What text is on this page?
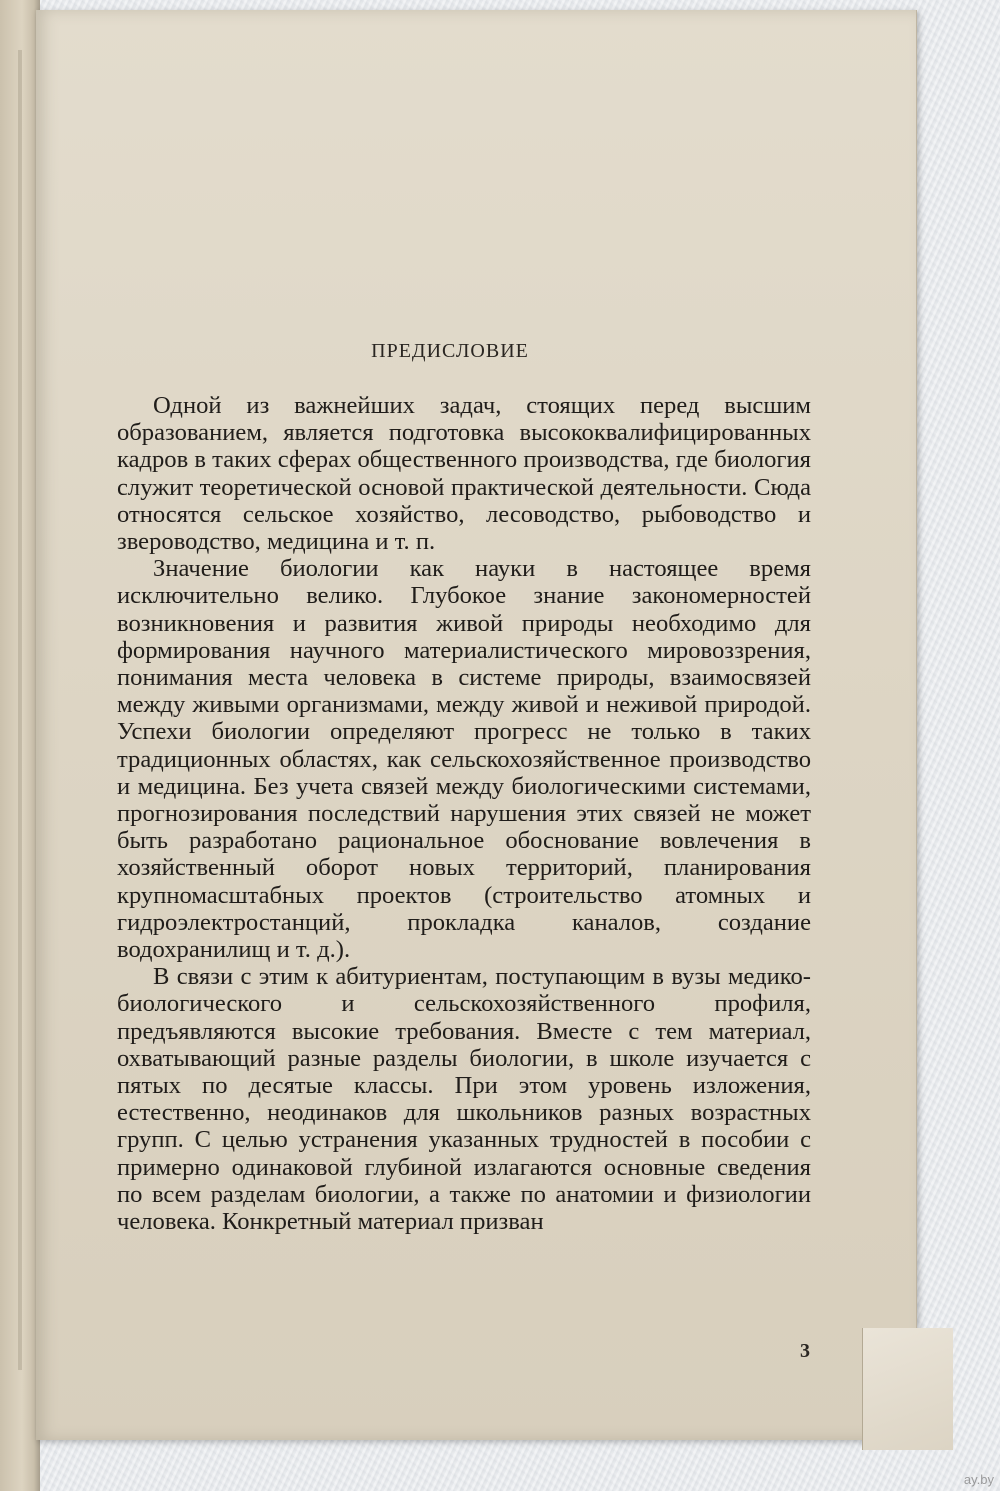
ПРЕДИСЛОВИЕ

Одной из важнейших задач, стоящих перед высшим образованием, является подготовка высококвалифицированных кадров в таких сферах общественного производства, где биология служит теоретической основой практической деятельности. Сюда относятся сельское хозяйство, лесоводство, рыбоводство и звероводство, медицина и т. п.

Значение биологии как науки в настоящее время исключительно велико. Глубокое знание закономерностей возникновения и развития живой природы необходимо для формирования научного материалистического мировоззрения, понимания места человека в системе природы, взаимосвязей между живыми организмами, между живой и неживой природой. Успехи биологии определяют прогресс не только в таких традиционных областях, как сельскохозяйственное производство и медицина. Без учета связей между биологическими системами, прогнозирования последствий нарушения этих связей не может быть разработано рациональное обоснование вовлечения в хозяйственный оборот новых территорий, планирования крупномасштабных проектов (строительство атомных и гидроэлектростанций, прокладка каналов, создание водохранилищ и т. д.).

В связи с этим к абитуриентам, поступающим в вузы медико-биологического и сельскохозяйственного профиля, предъявляются высокие требования. Вместе с тем материал, охватывающий разные разделы биологии, в школе изучается с пятых по десятые классы. При этом уровень изложения, естественно, неодинаков для школьников разных возрастных групп. С целью устранения указанных трудностей в пособии с примерно одинаковой глубиной излагаются основные сведения по всем разделам биологии, а также по анатомии и физиологии человека. Конкретный материал призван

3
ay.by
